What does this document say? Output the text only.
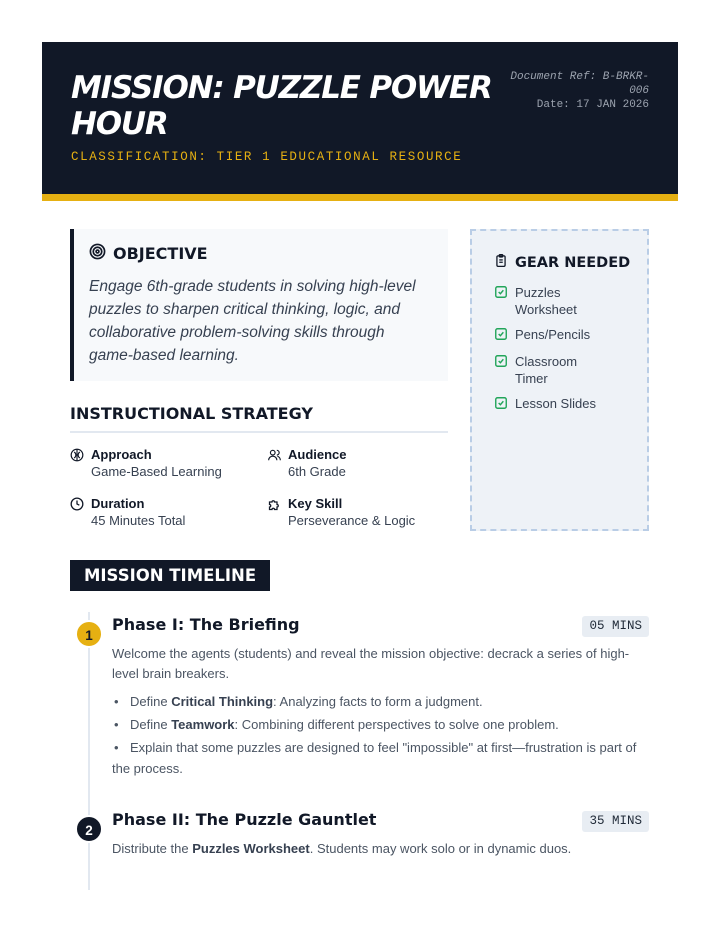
MISSION: PUZZLE POWER HOUR
CLASSIFICATION: TIER 1 EDUCATIONAL RESOURCE
Document Ref: B-BRKR-006
Date: 17 JAN 2026
OBJECTIVE
Engage 6th-grade students in solving high-level puzzles to sharpen critical thinking, logic, and collaborative problem-solving skills through game-based learning.
GEAR NEEDED
Puzzles Worksheet
Pens/Pencils
Classroom Timer
Lesson Slides
INSTRUCTIONAL STRATEGY
Approach
Game-Based Learning
Audience
6th Grade
Duration
45 Minutes Total
Key Skill
Perseverance & Logic
MISSION TIMELINE
1
Phase I: The Briefing	05 MINS
Welcome the agents (students) and reveal the mission objective: decrack a series of high-level brain breakers.
• Define Critical Thinking: Analyzing facts to form a judgment.
• Define Teamwork: Combining different perspectives to solve one problem.
• Explain that some puzzles are designed to feel "impossible" at first—frustration is part of the process.
2
Phase II: The Puzzle Gauntlet	35 MINS
Distribute the Puzzles Worksheet. Students may work solo or in dynamic duos.
